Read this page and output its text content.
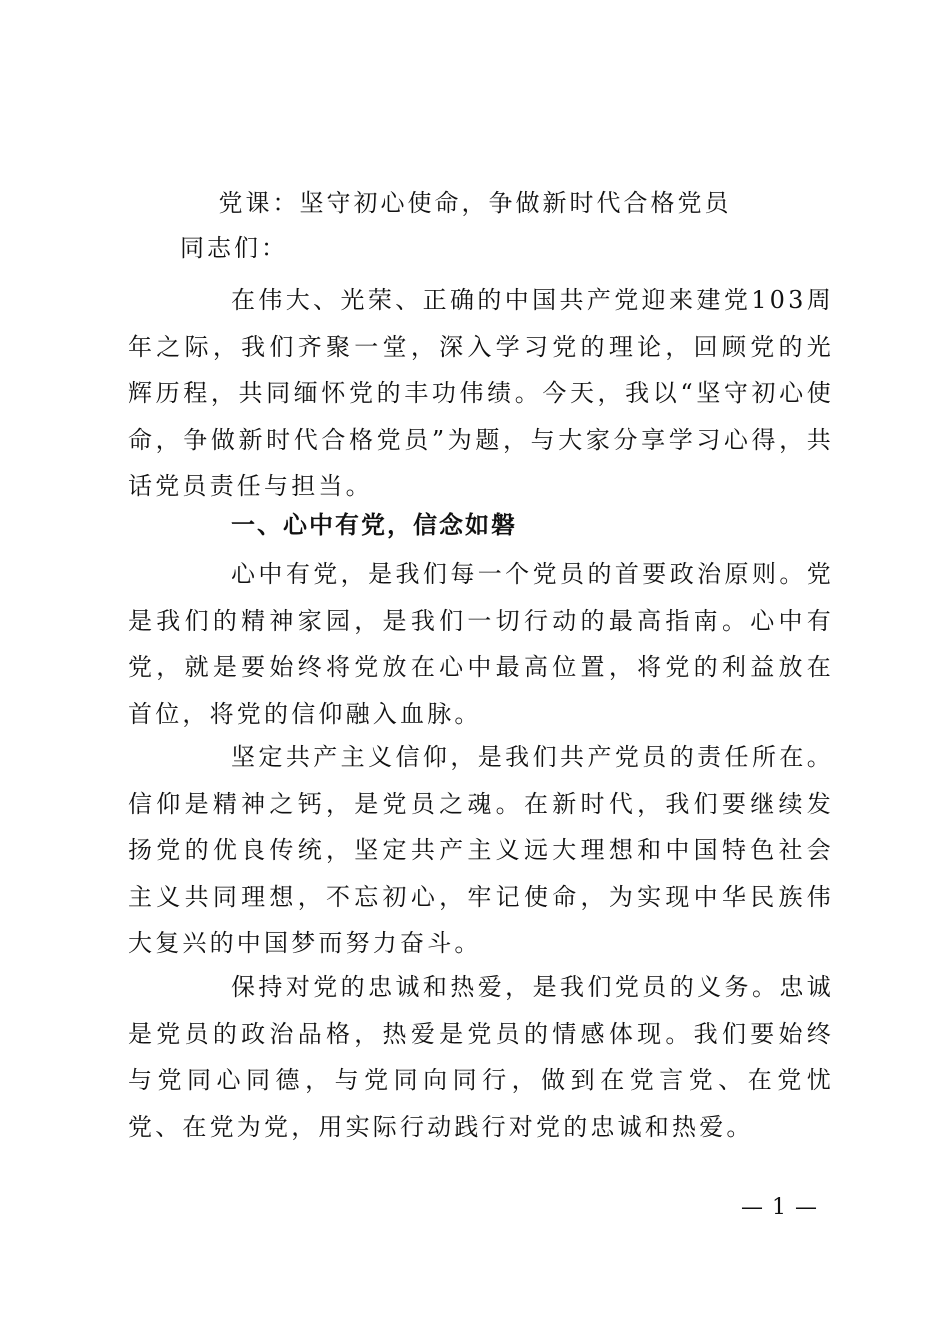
党课：坚守初心使命，争做新时代合格党员
同志们：

在伟大、光荣、正确的中国共产党迎来建党103周年之际，我们齐聚一堂，深入学习党的理论，回顾党的光辉历程，共同缅怀党的丰功伟绩。今天，我以“坚守初心使命，争做新时代合格党员”为题，与大家分享学习心得，共话党员责任与担当。

一、心中有党，信念如磐

心中有党，是我们每一个党员的首要政治原则。党是我们的精神家园，是我们一切行动的最高指南。心中有党，就是要始终将党放在心中最高位置，将党的利益放在首位，将党的信仰融入血脉。

坚定共产主义信仰，是我们共产党员的责任所在。信仰是精神之钙，是党员之魂。在新时代，我们要继续发扬党的优良传统，坚定共产主义远大理想和中国特色社会主义共同理想，不忘初心，牢记使命，为实现中华民族伟大复兴的中国梦而努力奋斗。

保持对党的忠诚和热爱，是我们党员的义务。忠诚是党员的政治品格，热爱是党员的情感体现。我们要始终与党同心同德，与党同向同行，做到在党言党、在党忧党、在党为党，用实际行动践行对党的忠诚和热爱。

— 1 —
